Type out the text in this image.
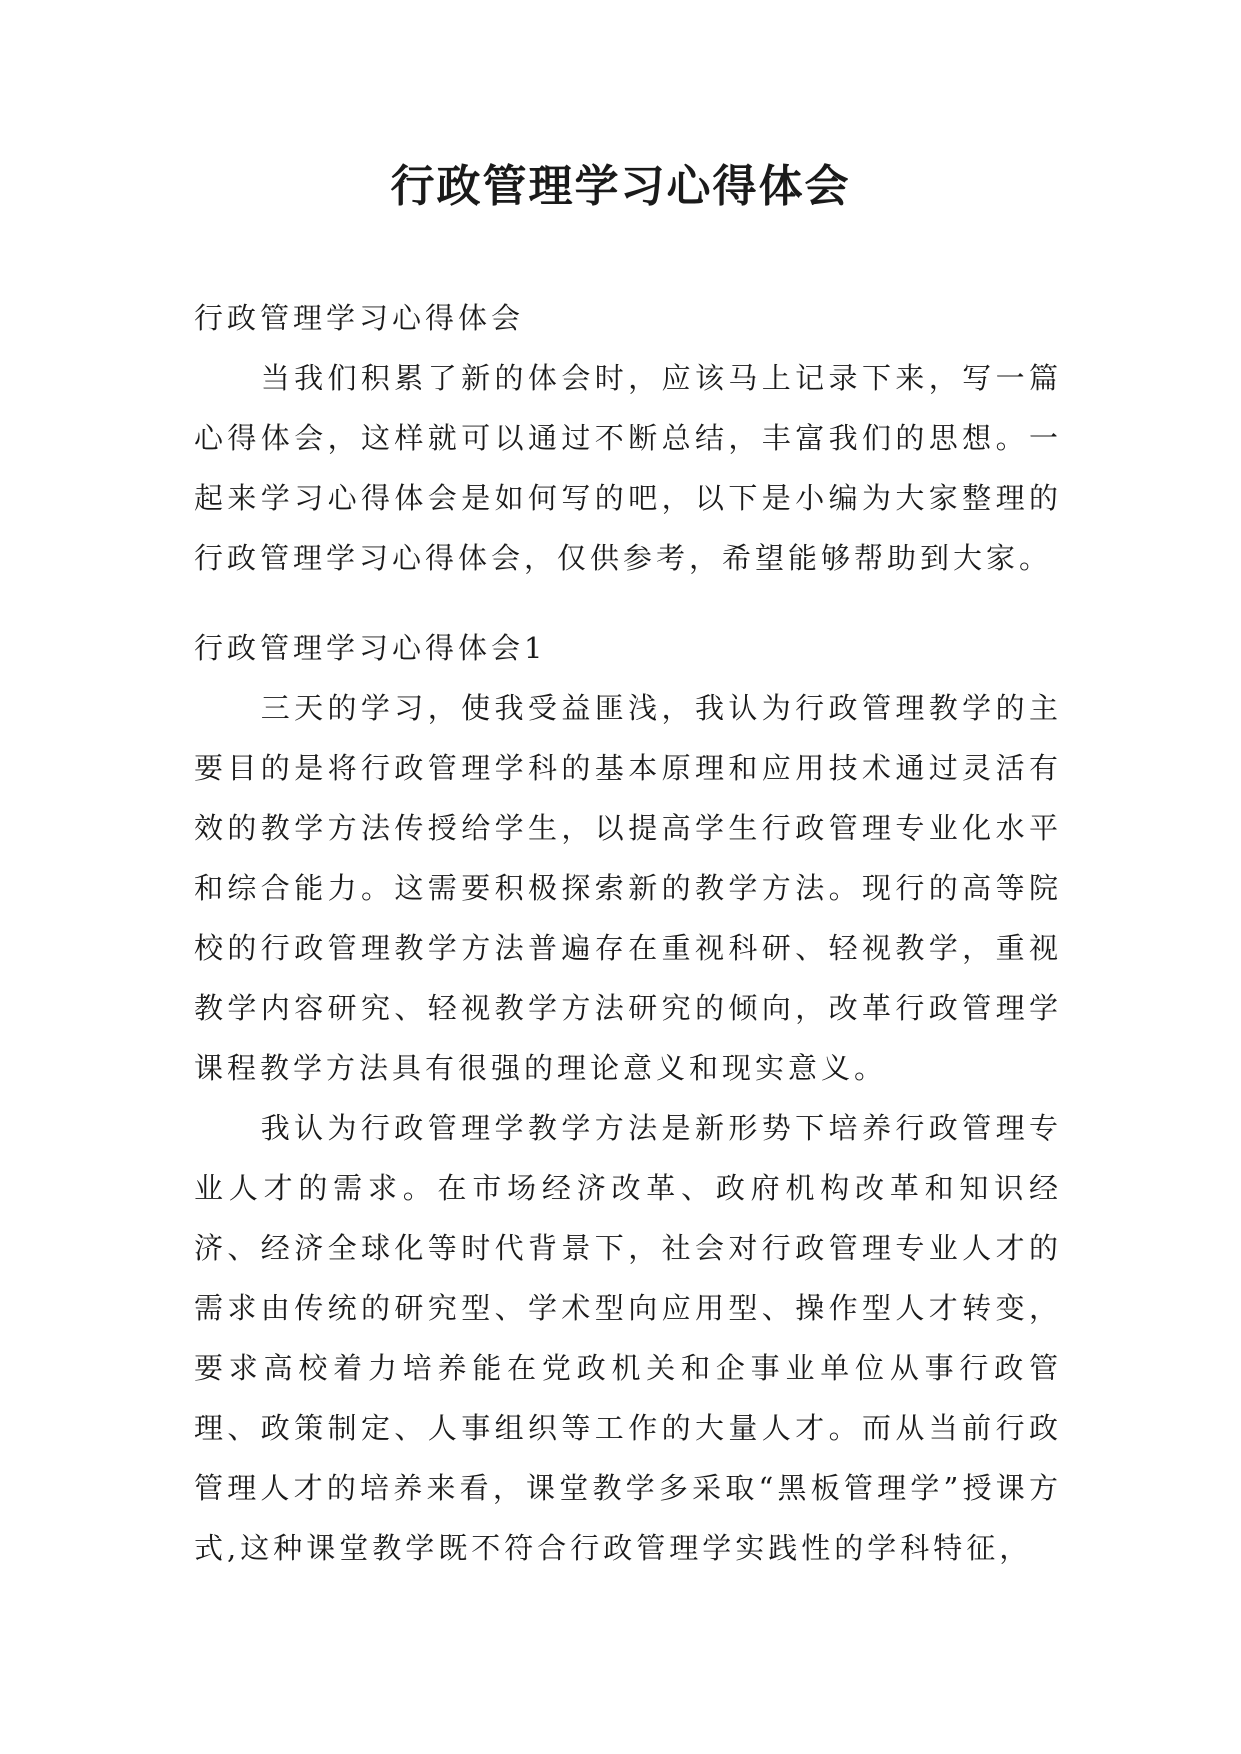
行政管理学习心得体会

行政管理学习心得体会

当我们积累了新的体会时，应该马上记录下来，写一篇心得体会，这样就可以通过不断总结，丰富我们的思想。一起来学习心得体会是如何写的吧，以下是小编为大家整理的行政管理学习心得体会，仅供参考，希望能够帮助到大家。

行政管理学习心得体会1

三天的学习，使我受益匪浅，我认为行政管理教学的主要目的是将行政管理学科的基本原理和应用技术通过灵活有效的教学方法传授给学生，以提高学生行政管理专业化水平和综合能力。这需要积极探索新的教学方法。现行的高等院校的行政管理教学方法普遍存在重视科研、轻视教学，重视教学内容研究、轻视教学方法研究的倾向，改革行政管理学课程教学方法具有很强的理论意义和现实意义。

我认为行政管理学教学方法是新形势下培养行政管理专业人才的需求。在市场经济改革、政府机构改革和知识经济、经济全球化等时代背景下，社会对行政管理专业人才的需求由传统的研究型、学术型向应用型、操作型人才转变，要求高校着力培养能在党政机关和企事业单位从事行政管理、政策制定、人事组织等工作的大量人才。而从当前行政管理人才的培养来看，课堂教学多采取“黑板管理学”授课方式,这种课堂教学既不符合行政管理学实践性的学科特征，
